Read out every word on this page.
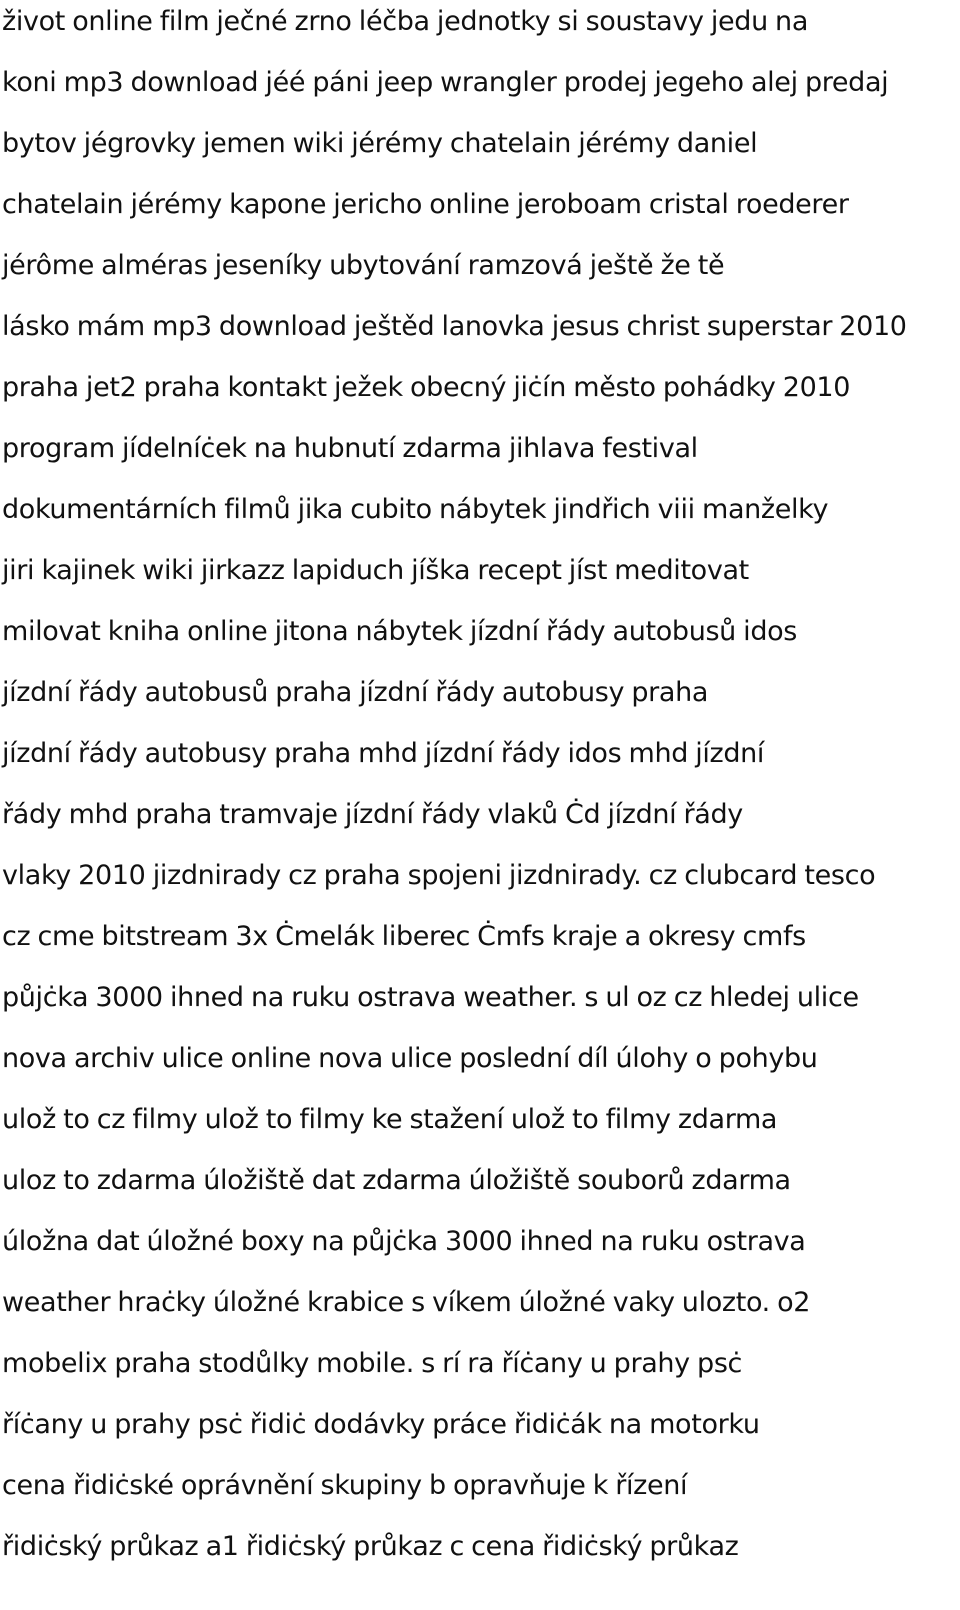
život online film ječné zrno léčba jednotky si soustavy jedu na
koni mp3 download jéé páni jeep wrangler prodej jegeho alej predaj
bytov jégrovky jemen wiki jérémy chatelain jérémy daniel
chatelain jérémy kapone jericho online jeroboam cristal roederer
jérôme alméras jeseníky ubytování ramzová ještě že tě
lásko mám mp3 download ještěd lanovka jesus christ superstar 2010
praha jet2 praha kontakt ježek obecný jiċín město pohádky 2010
program jídelníċek na hubnutí zdarma jihlava festival
dokumentárních filmů jika cubito nábytek jindřich viii manželky
jiri kajinek wiki jirkazz lapiduch jíška recept jíst meditovat
milovat kniha online jitona nábytek jízdní řády autobusů idos
jízdní řády autobusů praha jízdní řády autobusy praha
jízdní řády autobusy praha mhd jízdní řády idos mhd jízdní
řády mhd praha tramvaje jízdní řády vlaků Ċd jízdní řády
vlaky 2010 jizdnirady cz praha spojeni jizdnirady. cz clubcard tesco
cz cme bitstream 3x Ċmelák liberec Ċmfs kraje a okresy cmfs
půjċka 3000 ihned na ruku ostrava weather. s ul oz cz hledej ulice
nova archiv ulice online nova ulice poslední díl úlohy o pohybu
ulož to cz filmy ulož to filmy ke stažení ulož to filmy zdarma
uloz to zdarma úložiště dat zdarma úložiště souborů zdarma
úložna dat úložné boxy na půjċka 3000 ihned na ruku ostrava
weather hraċky úložné krabice s víkem úložné vaky ulozto. o2
mobelix praha stodůlky mobile. s rí ra říċany u prahy psċ
říċany u prahy psċ řidiċ dodávky práce řidiċák na motorku
cena řidiċské oprávnění skupiny b opravňuje k řízení
řidiċský průkaz a1 řidiċský průkaz c cena řidiċský průkaz
